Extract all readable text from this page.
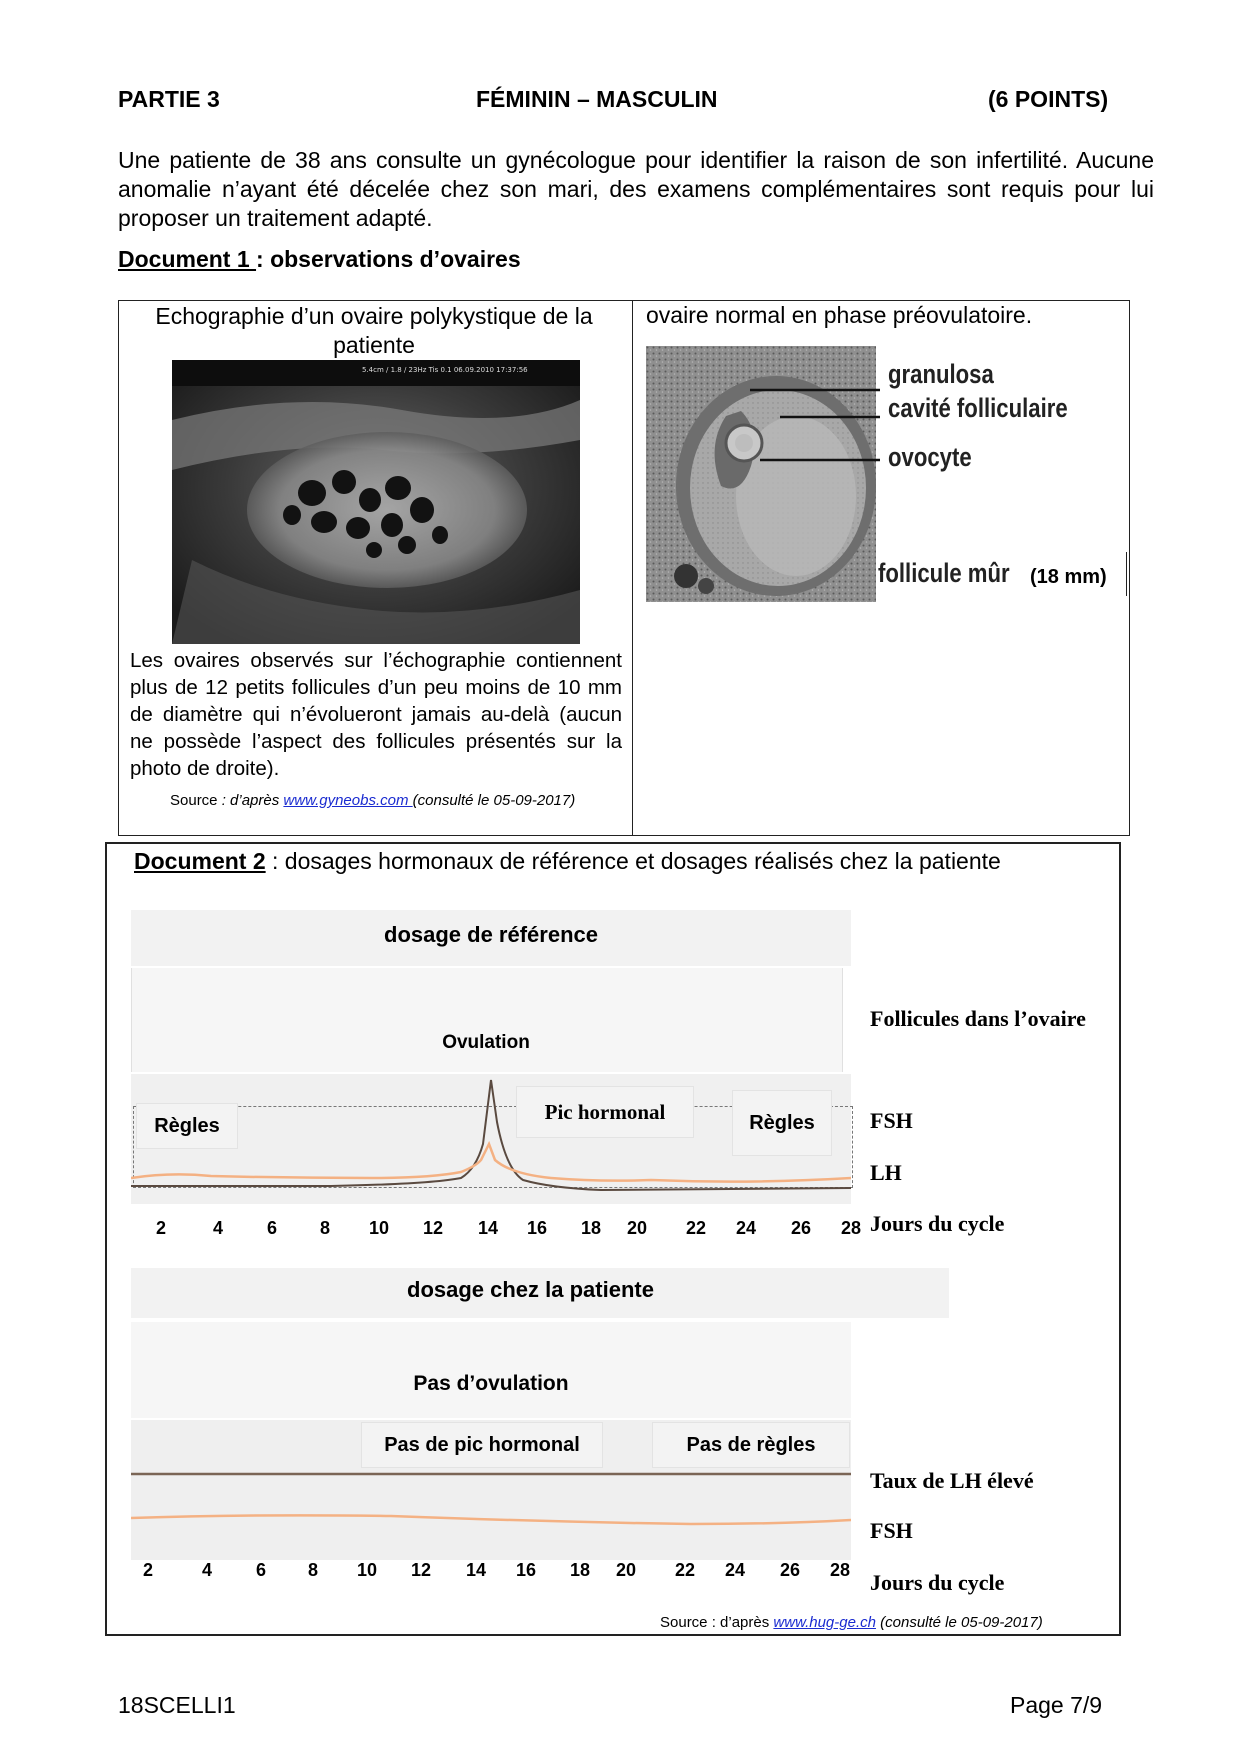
PARTIE 3	FÉMININ – MASCULIN	(6 POINTS)
Une patiente de 38 ans consulte un gynécologue pour identifier la raison de son infertilité. Aucune anomalie n’ayant été décelée chez son mari, des examens complémentaires sont requis pour lui proposer un traitement adapté.
Document 1 : observations d’ovaires
Echographie d’un ovaire polykystique de la patiente
5.4cm / 1.8 / 23Hz Tis 0.1 06.09.2010 17:37:56
Les ovaires observés sur l’échographie contiennent plus de 12 petits follicules d’un peu moins de 10 mm de diamètre qui n’évolueront jamais au-delà (aucun ne possède l’aspect des follicules présentés sur la photo de droite).
Source : d’après www.gyneobs.com (consulté le 05-09-2017)
ovaire normal en phase préovulatoire.
granulosa
cavité folliculaire
ovocyte
follicule mûr (18 mm)
Document 2 : dosages hormonaux de référence et dosages réalisés chez la patiente
dosage de référence
Ovulation
Règles
Pic hormonal	Règles
Follicules dans l’ovaire
FSH
LH
Jours du cycle
2	4 6 8 10 12 14 16 18 20 22 24 26 28
dosage chez la patiente
Pas d’ovulation
Pas de pic hormonal	Pas de règles
Taux de LH élevé
FSH
Jours du cycle
2	4 6 8 10 12 14 16 18 20 22 24 26 28
Source : d’après www.hug-ge.ch (consulté le 05-09-2017)
18SCELLI1	Page 7/9
